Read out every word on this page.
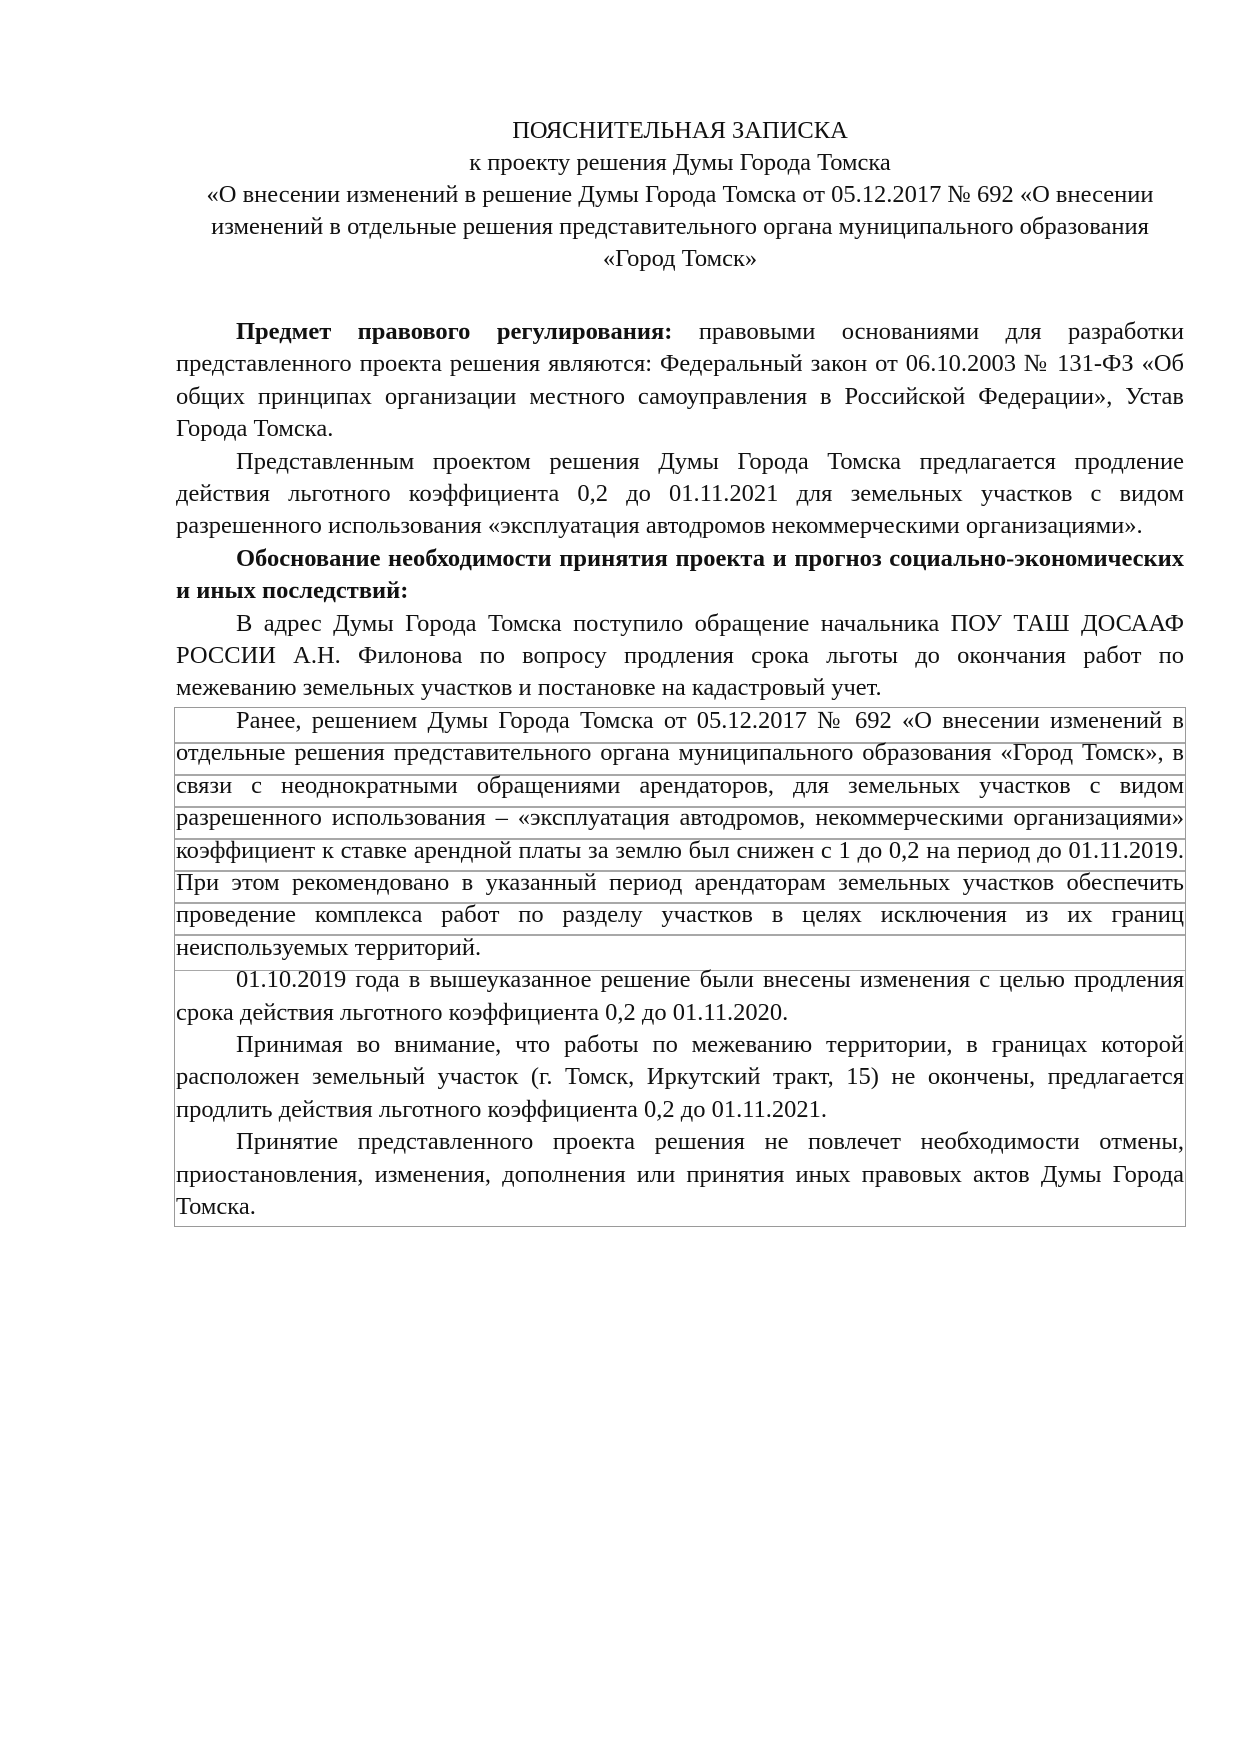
ПОЯСНИТЕЛЬНАЯ ЗАПИСКА
к проекту решения Думы Города Томска
«О внесении изменений в решение Думы Города Томска от 05.12.2017 № 692 «О внесении
изменений в отдельные решения представительного органа муниципального образования
«Город Томск»

Предмет правового регулирования: правовыми основаниями для разработки представленного проекта решения являются: Федеральный закон от 06.10.2003 № 131-ФЗ «Об общих принципах организации местного самоуправления в Российской Федерации», Устав Города Томска.

Представленным проектом решения Думы Города Томска предлагается продление действия льготного коэффициента 0,2 до 01.11.2021 для земельных участков с видом разрешенного использования «эксплуатация автодромов некоммерческими организациями».

Обоснование необходимости принятия проекта и прогноз социально-экономических и иных последствий:

В адрес Думы Города Томска поступило обращение начальника ПОУ ТАШ ДОСААФ РОССИИ А.Н. Филонова по вопросу продления срока льготы до окончания работ по межеванию земельных участков и постановке на кадастровый учет.

Ранее, решением Думы Города Томска от 05.12.2017 № 692 «О внесении изменений в отдельные решения представительного органа муниципального образования «Город Томск», в связи с неоднократными обращениями арендаторов, для земельных участков с видом разрешенного использования – «эксплуатация автодромов, некоммерческими организациями» коэффициент к ставке арендной платы за землю был снижен с 1 до 0,2 на период до 01.11.2019. При этом рекомендовано в указанный период арендаторам земельных участков обеспечить проведение комплекса работ по разделу участков в целях исключения из их границ неиспользуемых территорий.

01.10.2019 года в вышеуказанное решение были внесены изменения с целью продления срока действия льготного коэффициента 0,2 до 01.11.2020.

Принимая во внимание, что работы по межеванию территории, в границах которой расположен земельный участок (г. Томск, Иркутский тракт, 15) не окончены, предлагается продлить действия льготного коэффициента 0,2 до 01.11.2021.

Принятие представленного проекта решения не повлечет необходимости отмены, приостановления, изменения, дополнения или принятия иных правовых актов Думы Города Томска.
